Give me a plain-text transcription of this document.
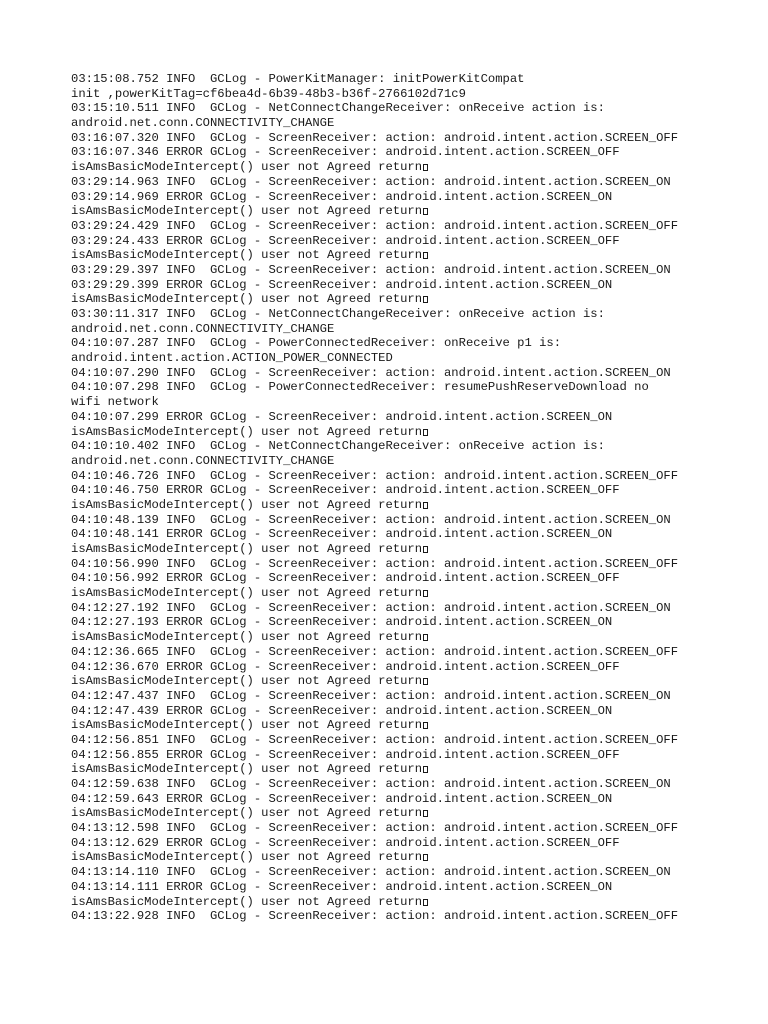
03:15:08.752 INFO  GCLog - PowerKitManager: initPowerKitCompat
init ,powerKitTag=cf6bea4d-6b39-48b3-b36f-2766102d71c9
03:15:10.511 INFO  GCLog - NetConnectChangeReceiver: onReceive action is:
android.net.conn.CONNECTIVITY_CHANGE
03:16:07.320 INFO  GCLog - ScreenReceiver: action: android.intent.action.SCREEN_OFF
03:16:07.346 ERROR GCLog - ScreenReceiver: android.intent.action.SCREEN_OFF
isAmsBasicModeIntercept() user not Agreed return
03:29:14.963 INFO  GCLog - ScreenReceiver: action: android.intent.action.SCREEN_ON
03:29:14.969 ERROR GCLog - ScreenReceiver: android.intent.action.SCREEN_ON
isAmsBasicModeIntercept() user not Agreed return
03:29:24.429 INFO  GCLog - ScreenReceiver: action: android.intent.action.SCREEN_OFF
03:29:24.433 ERROR GCLog - ScreenReceiver: android.intent.action.SCREEN_OFF
isAmsBasicModeIntercept() user not Agreed return
03:29:29.397 INFO  GCLog - ScreenReceiver: action: android.intent.action.SCREEN_ON
03:29:29.399 ERROR GCLog - ScreenReceiver: android.intent.action.SCREEN_ON
isAmsBasicModeIntercept() user not Agreed return
03:30:11.317 INFO  GCLog - NetConnectChangeReceiver: onReceive action is:
android.net.conn.CONNECTIVITY_CHANGE
04:10:07.287 INFO  GCLog - PowerConnectedReceiver: onReceive p1 is:
android.intent.action.ACTION_POWER_CONNECTED
04:10:07.290 INFO  GCLog - ScreenReceiver: action: android.intent.action.SCREEN_ON
04:10:07.298 INFO  GCLog - PowerConnectedReceiver: resumePushReserveDownload no
wifi network
04:10:07.299 ERROR GCLog - ScreenReceiver: android.intent.action.SCREEN_ON
isAmsBasicModeIntercept() user not Agreed return
04:10:10.402 INFO  GCLog - NetConnectChangeReceiver: onReceive action is:
android.net.conn.CONNECTIVITY_CHANGE
04:10:46.726 INFO  GCLog - ScreenReceiver: action: android.intent.action.SCREEN_OFF
04:10:46.750 ERROR GCLog - ScreenReceiver: android.intent.action.SCREEN_OFF
isAmsBasicModeIntercept() user not Agreed return
04:10:48.139 INFO  GCLog - ScreenReceiver: action: android.intent.action.SCREEN_ON
04:10:48.141 ERROR GCLog - ScreenReceiver: android.intent.action.SCREEN_ON
isAmsBasicModeIntercept() user not Agreed return
04:10:56.990 INFO  GCLog - ScreenReceiver: action: android.intent.action.SCREEN_OFF
04:10:56.992 ERROR GCLog - ScreenReceiver: android.intent.action.SCREEN_OFF
isAmsBasicModeIntercept() user not Agreed return
04:12:27.192 INFO  GCLog - ScreenReceiver: action: android.intent.action.SCREEN_ON
04:12:27.193 ERROR GCLog - ScreenReceiver: android.intent.action.SCREEN_ON
isAmsBasicModeIntercept() user not Agreed return
04:12:36.665 INFO  GCLog - ScreenReceiver: action: android.intent.action.SCREEN_OFF
04:12:36.670 ERROR GCLog - ScreenReceiver: android.intent.action.SCREEN_OFF
isAmsBasicModeIntercept() user not Agreed return
04:12:47.437 INFO  GCLog - ScreenReceiver: action: android.intent.action.SCREEN_ON
04:12:47.439 ERROR GCLog - ScreenReceiver: android.intent.action.SCREEN_ON
isAmsBasicModeIntercept() user not Agreed return
04:12:56.851 INFO  GCLog - ScreenReceiver: action: android.intent.action.SCREEN_OFF
04:12:56.855 ERROR GCLog - ScreenReceiver: android.intent.action.SCREEN_OFF
isAmsBasicModeIntercept() user not Agreed return
04:12:59.638 INFO  GCLog - ScreenReceiver: action: android.intent.action.SCREEN_ON
04:12:59.643 ERROR GCLog - ScreenReceiver: android.intent.action.SCREEN_ON
isAmsBasicModeIntercept() user not Agreed return
04:13:12.598 INFO  GCLog - ScreenReceiver: action: android.intent.action.SCREEN_OFF
04:13:12.629 ERROR GCLog - ScreenReceiver: android.intent.action.SCREEN_OFF
isAmsBasicModeIntercept() user not Agreed return
04:13:14.110 INFO  GCLog - ScreenReceiver: action: android.intent.action.SCREEN_ON
04:13:14.111 ERROR GCLog - ScreenReceiver: android.intent.action.SCREEN_ON
isAmsBasicModeIntercept() user not Agreed return
04:13:22.928 INFO  GCLog - ScreenReceiver: action: android.intent.action.SCREEN_OFF
